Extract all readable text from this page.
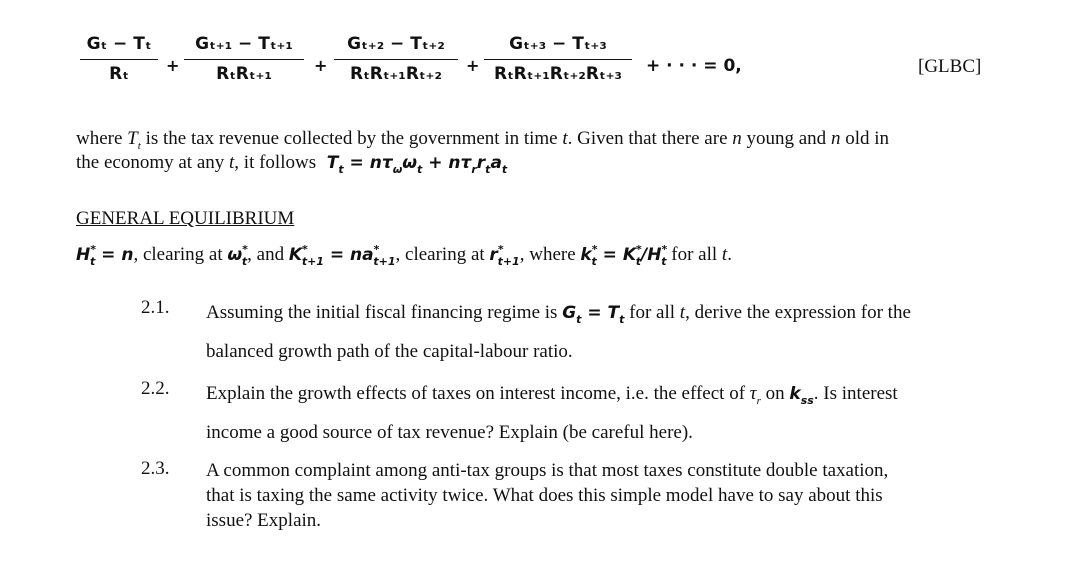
Gₜ − Tₜ
Rₜ	+
Gₜ₊₁ − Tₜ₊₁
RₜRₜ₊₁	+
Gₜ₊₂ − Tₜ₊₂
RₜRₜ₊₁Rₜ₊₂	+
Gₜ₊₃ − Tₜ₊₃
RₜRₜ₊₁Rₜ₊₂Rₜ₊₃	+ · · · = 0,	[GLBC]
where $T_t$ is the tax revenue collected by the government in time t. Given that there are n young and n old in
the economy at any t, it follows  $T_t = n\tau_\omega\omega_t + n\tau_rr_ta_t$
GENERAL EQUILIBRIUM
$H^*_t = n$, clearing at $\omega^*_t$, and $K^*_{t+1} = na^*_{t+1}$, clearing at $r^*_{t+1}$, where $k^*_t = K^*_t/H^*_t$ for all t.
2.1. Assuming the initial fiscal financing regime is $G_t = T_t$ for all t, derive the expression for the
balanced growth path of the capital-labour ratio.
2.2. Explain the growth effects of taxes on interest income, i.e. the effect of $\tau_r$ on $k_{ss}$. Is interest
income a good source of tax revenue? Explain (be careful here).
2.3. A common complaint among anti-tax groups is that most taxes constitute double taxation,
that is taxing the same activity twice. What does this simple model have to say about this
issue? Explain.
